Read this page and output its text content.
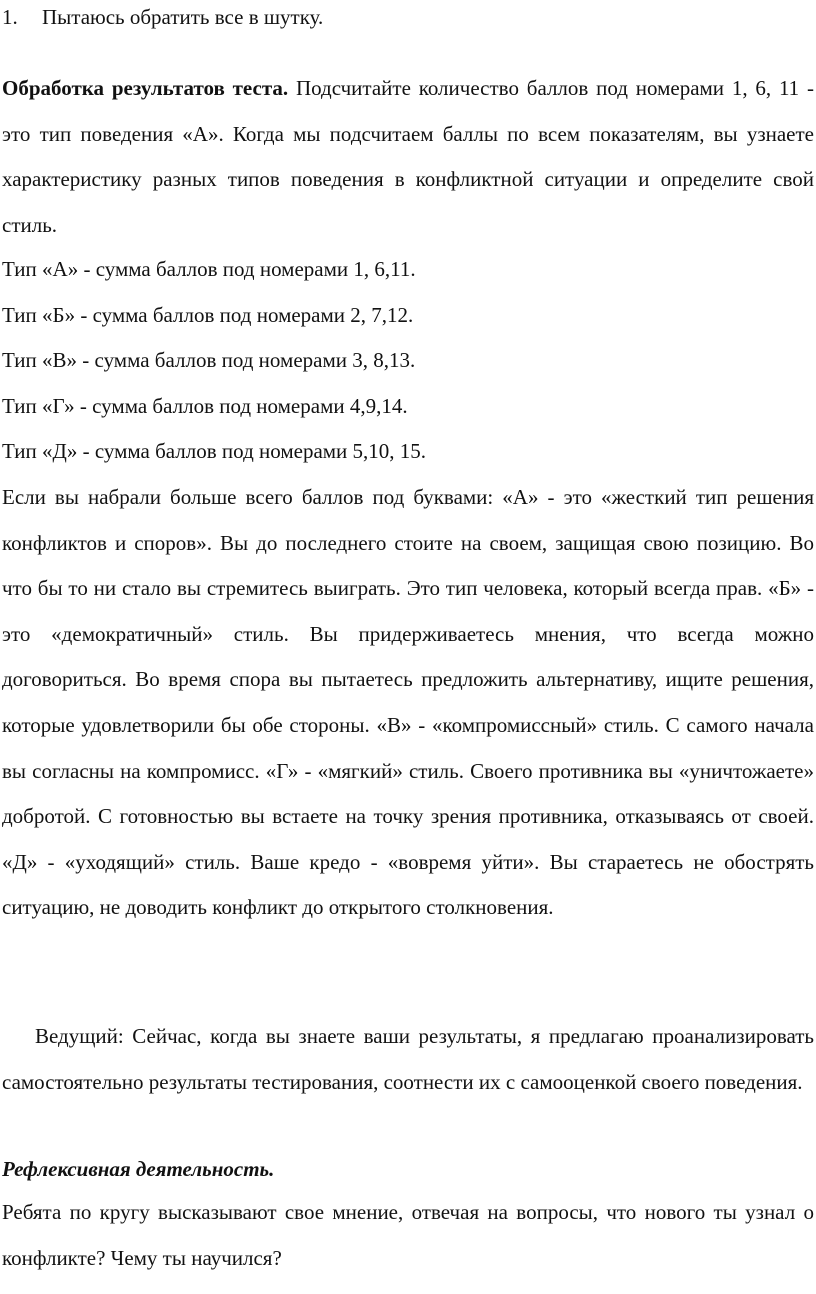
1. Пытаюсь обратить все в шутку.

Обработка результатов теста. Подсчитайте количество баллов под номерами 1, 6, 11 - это тип поведения «А». Когда мы подсчитаем баллы по всем показателям, вы узнаете характеристику разных типов поведения в конфликтной ситуации и определите свой стиль.

Тип «А» - сумма баллов под номерами 1, 6,11.
Тип «Б» - сумма баллов под номерами 2, 7,12.
Тип «В» - сумма баллов под номерами 3, 8,13.
Тип «Г» - сумма баллов под номерами 4,9,14.
Тип «Д» - сумма баллов под номерами 5,10, 15.

Если вы набрали больше всего баллов под буквами: «А» - это «жесткий тип решения конфликтов и споров». Вы до последнего стоите на своем, защищая свою позицию. Во что бы то ни стало вы стремитесь выиграть. Это тип человека, который всегда прав. «Б» - это «демократичный» стиль. Вы придерживаетесь мнения, что всегда можно договориться. Во время спора вы пытаетесь предложить альтернативу, ищите решения, которые удовлетворили бы обе стороны. «В» - «компромиссный» стиль. С самого начала вы согласны на компромисс. «Г» - «мягкий» стиль. Своего противника вы «уничтожаете» добротой. С готовностью вы встаете на точку зрения противника, отказываясь от своей. «Д» - «уходящий» стиль. Ваше кредо - «вовремя уйти». Вы стараетесь не обострять ситуацию, не доводить конфликт до открытого столкновения.

Ведущий: Сейчас, когда вы знаете ваши результаты, я предлагаю проанализировать самостоятельно результаты тестирования, соотнести их с самооценкой своего поведения.

Рефлексивная деятельность.

Ребята по кругу высказывают свое мнение, отвечая на вопросы, что нового ты узнал о конфликте? Чему ты научился?
